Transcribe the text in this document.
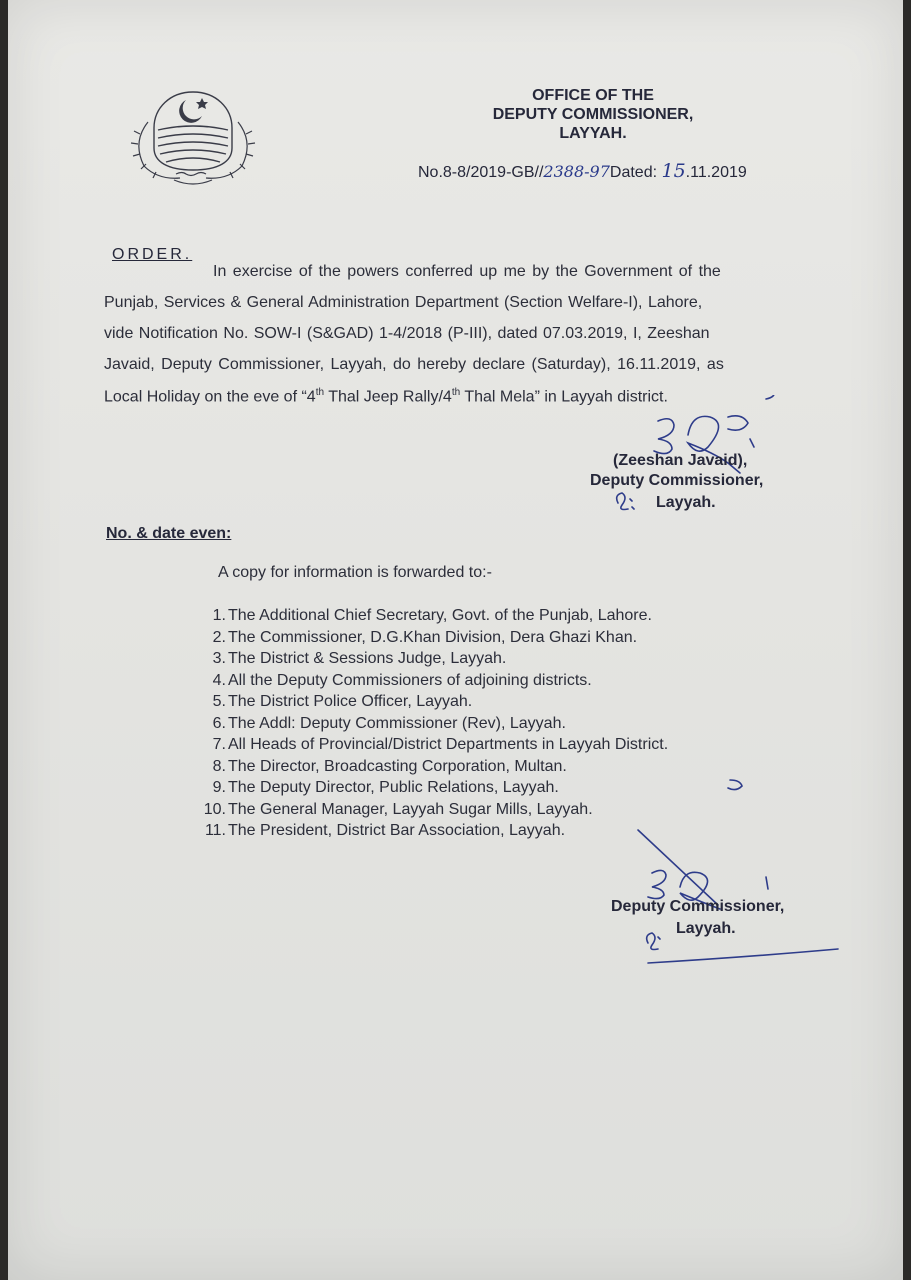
OFFICE OF THE
DEPUTY COMMISSIONER,
LAYYAH.
No.8-8/2019-GB//2388-97Dated: 15.11.2019
ORDER.
In exercise of the powers conferred up me by the Government of the
Punjab, Services & General Administration Department (Section Welfare-I), Lahore,
vide Notification No. SOW-I (S&GAD) 1-4/2018 (P-III), dated 07.03.2019, I, Zeeshan
Javaid, Deputy Commissioner, Layyah, do hereby declare (Saturday), 16.11.2019, as
Local Holiday on the eve of “4th Thal Jeep Rally/4th Thal Mela” in Layyah district.
(Zeeshan Javaid),
Deputy Commissioner,
Layyah.
No. & date even:
A copy for information is forwarded to:-
1. The Additional Chief Secretary, Govt. of the Punjab, Lahore.
2. The Commissioner, D.G.Khan Division, Dera Ghazi Khan.
3. The District & Sessions Judge, Layyah.
4. All the Deputy Commissioners of adjoining districts.
5. The District Police Officer, Layyah.
6. The Addl: Deputy Commissioner (Rev), Layyah.
7. All Heads of Provincial/District Departments in Layyah District.
8. The Director, Broadcasting Corporation, Multan.
9. The Deputy Director, Public Relations, Layyah.
10. The General Manager, Layyah Sugar Mills, Layyah.
11. The President, District Bar Association, Layyah.
Deputy Commissioner,
Layyah.
